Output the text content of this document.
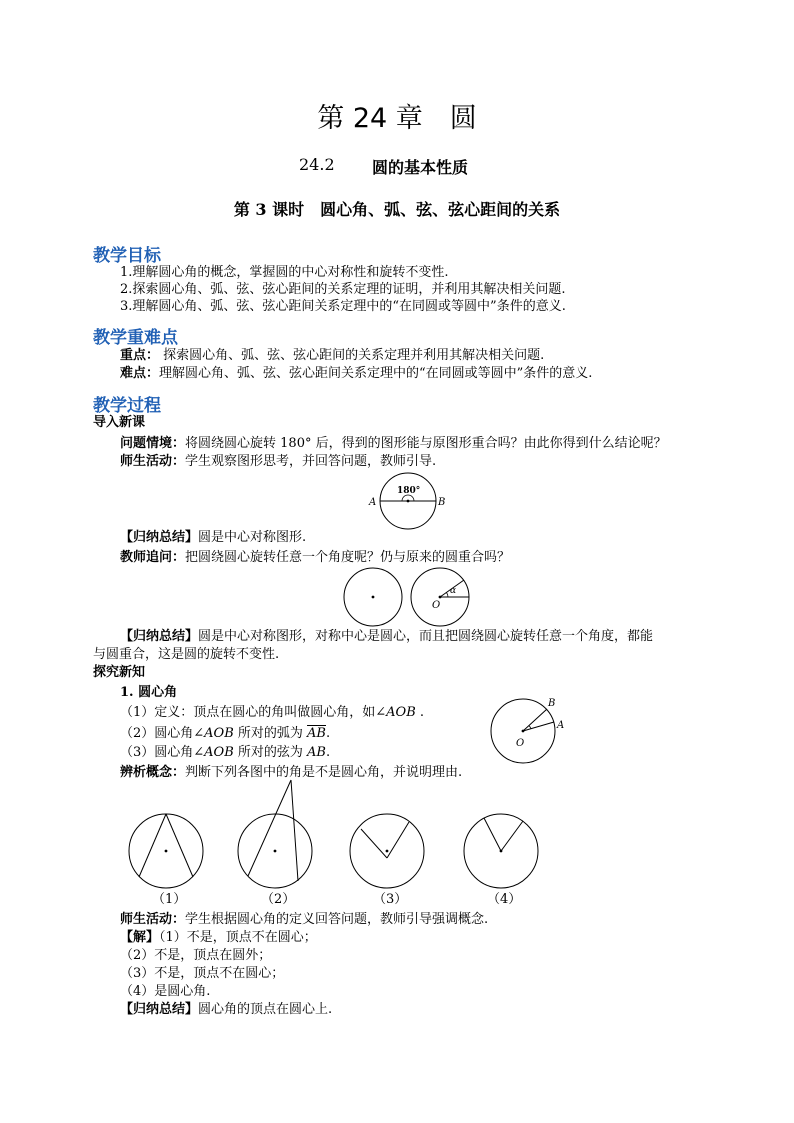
第 24 章　圆
24.2 圆的基本性质
第 3 课时　圆心角、弧、弦、弦心距间的关系
教学目标
1.理解圆心角的概念，掌握圆的中心对称性和旋转不变性.
2.探索圆心角、弧、弦、弦心距间的关系定理的证明，并利用其解决相关问题.
3.理解圆心角、弧、弦、弦心距间关系定理中的“在同圆或等圆中”条件的意义.
教学重难点
重点： 探索圆心角、弧、弦、弦心距间的关系定理并利用其解决相关问题.
难点：理解圆心角、弧、弦、弦心距间关系定理中的“在同圆或等圆中”条件的意义.
教学过程
导入新课
问题情境：将圆绕圆心旋转 180° 后，得到的图形能与原图形重合吗？由此你得到什么结论呢？
师生活动：学生观察图形思考，并回答问题，教师引导.
180°
A	B
【归纳总结】圆是中心对称图形.
教师追问：把圆绕圆心旋转任意一个角度呢？仍与原来的圆重合吗？
O
α
【归纳总结】圆是中心对称图形，对称中心是圆心，而且把圆绕圆心旋转任意一个角度，都能
与圆重合，这是圆的旋转不变性.
探究新知
1. 圆心角
（1）定义：顶点在圆心的角叫做圆心角，如∠AOB .
（2）圆心角∠AOB 所对的弧为 $\overline{AB}$.
（3）圆心角∠AOB 所对的弦为 AB.
B
A
O
辨析概念：判断下列各图中的角是不是圆心角，并说明理由.
（1）	（2）	（3）	（4）
师生活动：学生根据圆心角的定义回答问题，教师引导强调概念.
【解】（1）不是，顶点不在圆心；
（2）不是，顶点在圆外；
（3）不是，顶点不在圆心；
（4）是圆心角.
【归纳总结】圆心角的顶点在圆心上.
